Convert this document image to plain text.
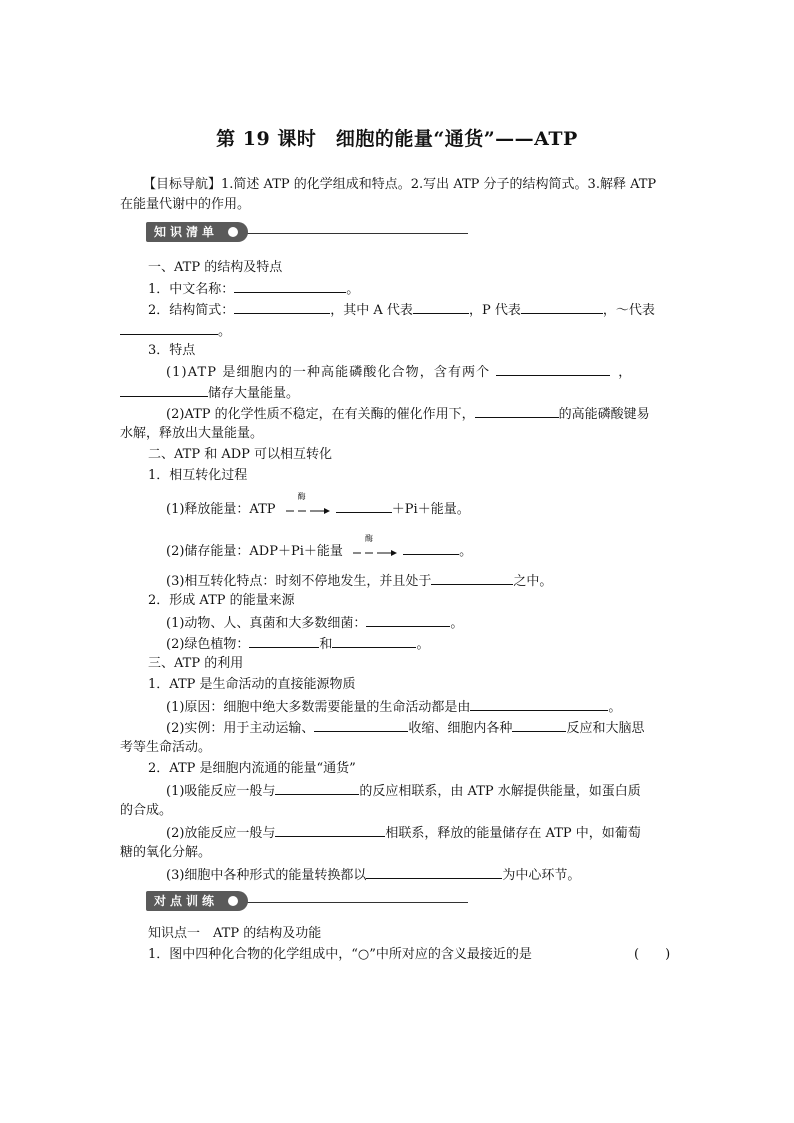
第 19 课时　细胞的能量“通货”——ATP
【目标导航】1.简述 ATP 的化学组成和特点。2.写出 ATP 分子的结构简式。3.解释 ATP
在能量代谢中的作用。
知识清单
一、ATP 的结构及特点
1．中文名称：	。
2．结构简式：	，其中 A 代表	，P 代表	，～代表
。
3．特点
(1)ATP 是细胞内的一种高能磷酸化合物，含有两个	，
储存大量能量。
(2)ATP 的化学性质不稳定，在有关酶的催化作用下，	的高能磷酸键易
水解，释放出大量能量。
二、ATP 和 ADP 可以相互转化
1．相互转化过程
(1)释放能量：ATP
酶
＋Pi＋能量。
(2)储存能量：ADP＋Pi＋能量
酶
。
(3)相互转化特点：时刻不停地发生，并且处于	之中。
2．形成 ATP 的能量来源
(1)动物、人、真菌和大多数细菌：	。
(2)绿色植物：	和	。
三、ATP 的利用
1．ATP 是生命活动的直接能源物质
(1)原因：细胞中绝大多数需要能量的生命活动都是由	。
(2)实例：用于主动运输、	收缩、细胞内各种	反应和大脑思
考等生命活动。
2．ATP 是细胞内流通的能量“通货”
(1)吸能反应一般与	的反应相联系，由 ATP 水解提供能量，如蛋白质
的合成。
(2)放能反应一般与	相联系，释放的能量储存在 ATP 中，如葡萄
糖的氧化分解。
(3)细胞中各种形式的能量转换都以	为中心环节。
对点训练
知识点一　ATP 的结构及功能
1．图中四种化合物的化学组成中，“○”中所对应的含义最接近的是	(　　)
